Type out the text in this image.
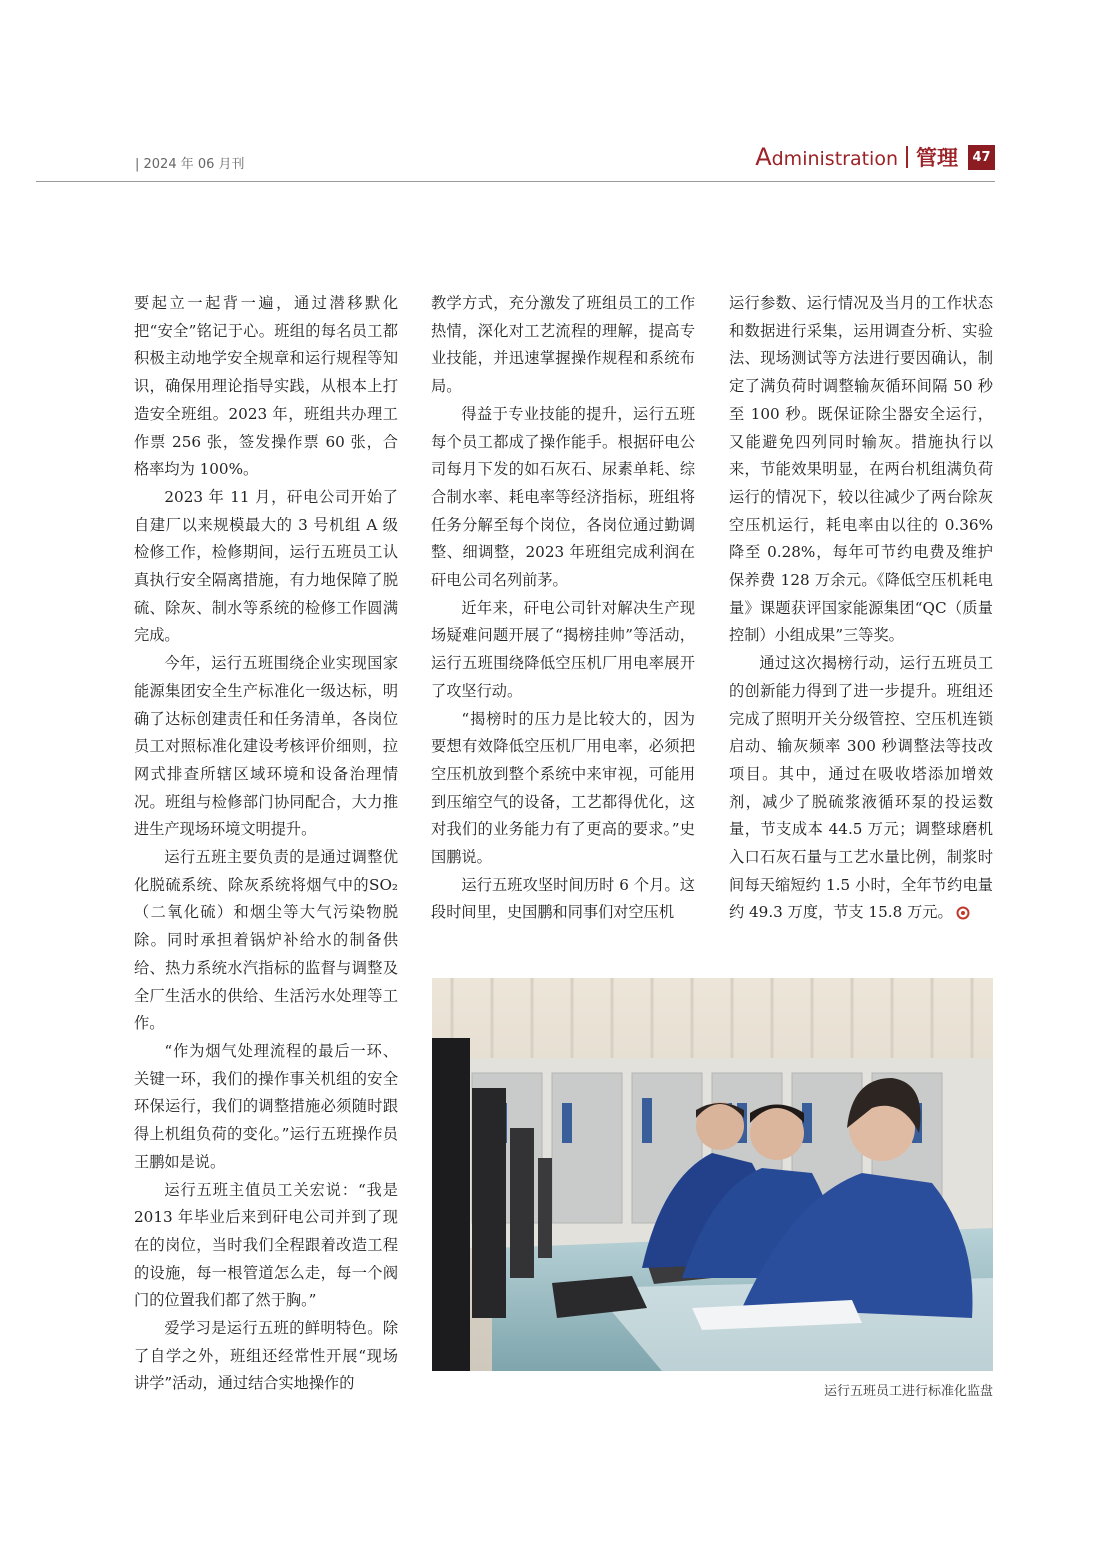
| 2024 年 06 月刊	Administration 管理	47

要起立一起背一遍，通过潜移默化把“安全”铭记于心。班组的每名员工都积极主动地学安全规章和运行规程等知识，确保用理论指导实践，从根本上打造安全班组。2023 年，班组共办理工作票 256 张，签发操作票 60 张，合格率均为 100%。

2023 年 11 月，矸电公司开始了自建厂以来规模最大的 3 号机组 A 级检修工作，检修期间，运行五班员工认真执行安全隔离措施，有力地保障了脱硫、除灰、制水等系统的检修工作圆满完成。

今年，运行五班围绕企业实现国家能源集团安全生产标准化一级达标，明确了达标创建责任和任务清单，各岗位员工对照标准化建设考核评价细则，拉网式排查所辖区域环境和设备治理情况。班组与检修部门协同配合，大力推进生产现场环境文明提升。

运行五班主要负责的是通过调整优化脱硫系统、除灰系统将烟气中的SO₂（二氧化硫）和烟尘等大气污染物脱除。同时承担着锅炉补给水的制备供给、热力系统水汽指标的监督与调整及全厂生活水的供给、生活污水处理等工作。

“作为烟气处理流程的最后一环、关键一环，我们的操作事关机组的安全环保运行，我们的调整措施必须随时跟得上机组负荷的变化。”运行五班操作员王鹏如是说。

运行五班主值员工关宏说：“我是 2013 年毕业后来到矸电公司并到了现在的岗位，当时我们全程跟着改造工程的设施，每一根管道怎么走，每一个阀门的位置我们都了然于胸。”

爱学习是运行五班的鲜明特色。除了自学之外，班组还经常性开展“现场讲学”活动，通过结合实地操作的

教学方式，充分激发了班组员工的工作热情，深化对工艺流程的理解，提高专业技能，并迅速掌握操作规程和系统布局。

得益于专业技能的提升，运行五班每个员工都成了操作能手。根据矸电公司每月下发的如石灰石、尿素单耗、综合制水率、耗电率等经济指标，班组将任务分解至每个岗位，各岗位通过勤调整、细调整，2023 年班组完成利润在矸电公司名列前茅。

近年来，矸电公司针对解决生产现场疑难问题开展了“揭榜挂帅”等活动，运行五班围绕降低空压机厂用电率展开了攻坚行动。

“揭榜时的压力是比较大的，因为要想有效降低空压机厂用电率，必须把空压机放到整个系统中来审视，可能用到压缩空气的设备，工艺都得优化，这对我们的业务能力有了更高的要求。”史国鹏说。

运行五班攻坚时间历时 6 个月。这段时间里，史国鹏和同事们对空压机

运行参数、运行情况及当月的工作状态和数据进行采集，运用调查分析、实验法、现场测试等方法进行要因确认，制定了满负荷时调整输灰循环间隔 50 秒至 100 秒。既保证除尘器安全运行，又能避免四列同时输灰。措施执行以来，节能效果明显，在两台机组满负荷运行的情况下，较以往减少了两台除灰空压机运行，耗电率由以往的 0.36% 降至 0.28%，每年可节约电费及维护保养费 128 万余元。《降低空压机耗电量》课题获评国家能源集团“QC（质量控制）小组成果”三等奖。

通过这次揭榜行动，运行五班员工的创新能力得到了进一步提升。班组还完成了照明开关分级管控、空压机连锁启动、输灰频率 300 秒调整法等技改项目。其中，通过在吸收塔添加增效剂，减少了脱硫浆液循环泵的投运数量，节支成本 44.5 万元；调整球磨机入口石灰石量与工艺水量比例，制浆时间每天缩短约 1.5 小时，全年节约电量约 49.3 万度，节支 15.8 万元。

运行五班员工进行标准化监盘
